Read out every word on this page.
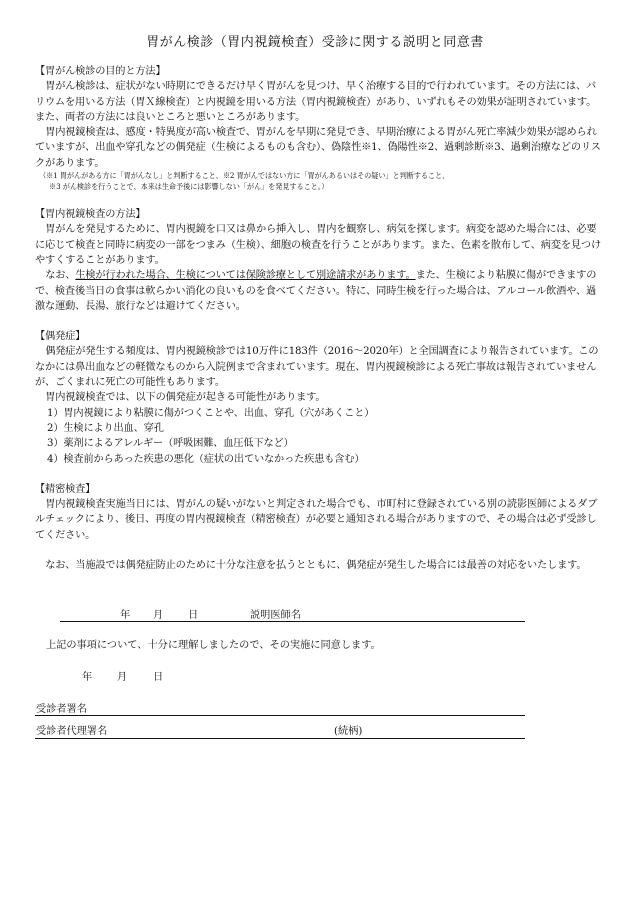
胃がん検診（胃内視鏡検査）受診に関する説明と同意書

【胃がん検診の目的と方法】

胃がん検診は、症状がない時期にできるだけ早く胃がんを見つけ、早く治療する目的で行われています。その方法には、バリウムを用いる方法（胃Ｘ線検査）と内視鏡を用いる方法（胃内視鏡検査）があり、いずれもその効果が証明されています。また、両者の方法には良いところと悪いところがあります。

胃内視鏡検査は、感度・特異度が高い検査で、胃がんを早期に発見でき、早期治療による胃がん死亡率減少効果が認められていますが、出血や穿孔などの偶発症（生検によるものも含む）、偽陰性※1、偽陽性※2、過剰診断※3、過剰治療などのリスクがあります。

（※1 胃がんがある方に「胃がんなし」と判断すること、※2 胃がんではない方に「胃がんあるいはその疑い」と判断すること、

※3 がん検診を行うことで、本来は生命予後には影響しない「がん」を発見すること。）

【胃内視鏡検査の方法】

胃がんを発見するために、胃内視鏡を口又は鼻から挿入し、胃内を観察し、病気を探します。病変を認めた場合には、必要に応じて検査と同時に病変の一部をつまみ（生検）、細胞の検査を行うことがあります。また、色素を散布して、病変を見つけやすくすることがあります。

なお、生検が行われた場合、生検については保険診療として別途請求があります。また、生検により粘膜に傷ができますので、検査後当日の食事は軟らかい消化の良いものを食べてください。特に、同時生検を行った場合は、アルコール飲酒や、過激な運動、長湯、旅行などは避けてください。

【偶発症】

偶発症が発生する頻度は、胃内視鏡検診では10万件に183件（2016～2020年）と全国調査により報告されています。このなかには鼻出血などの軽微なものから入院例まで含まれています。現在、胃内視鏡検診による死亡事故は報告されていませんが、ごくまれに死亡の可能性もあります。

胃内視鏡検査では、以下の偶発症が起きる可能性があります。

1）胃内視鏡により粘膜に傷がつくことや、出血、穿孔（穴があくこと）

2）生検により出血、穿孔

3）薬剤によるアレルギー（呼吸困難、血圧低下など）

4）検査前からあった疾患の悪化（症状の出ていなかった疾患も含む）

【精密検査】

胃内視鏡検査実施当日には、胃がんの疑いがないと判定された場合でも、市町村に登録されている別の読影医師によるダブルチェックにより、後日、再度の胃内視鏡検査（精密検査）が必要と通知される場合がありますので、その場合は必ず受診してください。

なお、当施設では偶発症防止のために十分な注意を払うとともに、偶発症が発生した場合には最善の対応をいたします。

年 月 日	説明医師名
上記の事項について、十分に理解しましたので、その実施に同意します。
年 月	日
受診者署名
受診者代理署名	(続柄)
